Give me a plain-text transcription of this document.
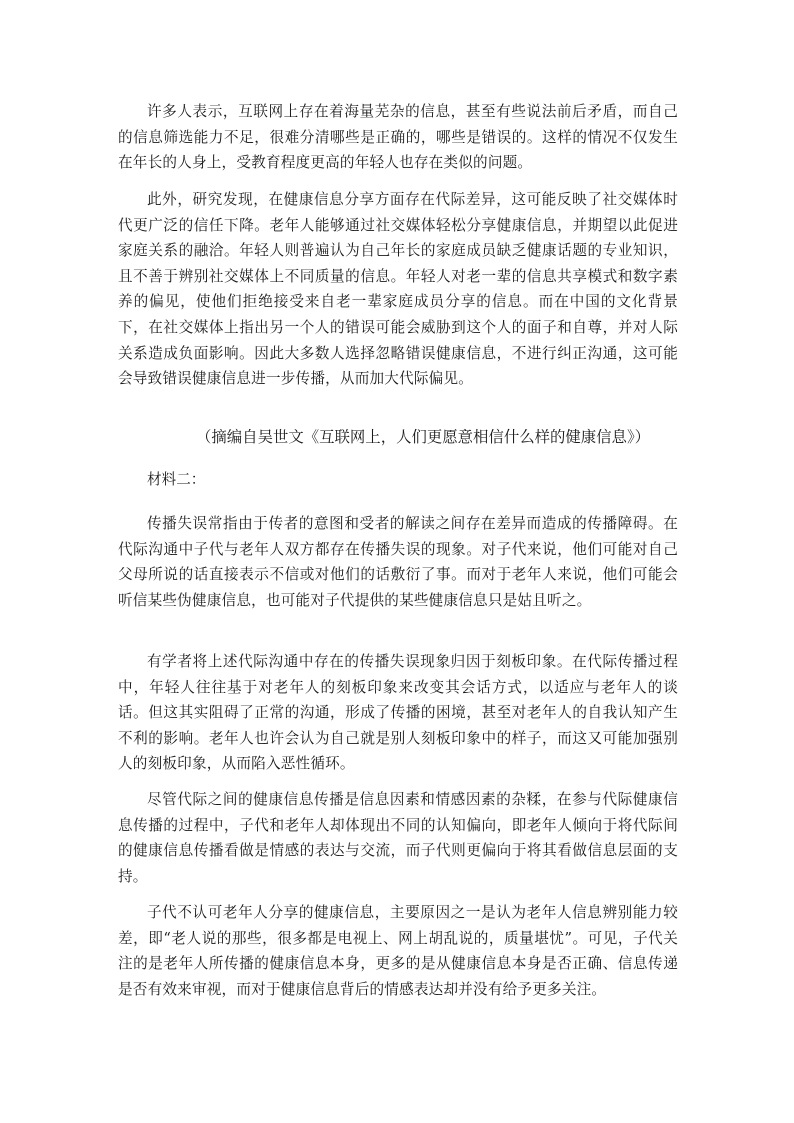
许多人表示，互联网上存在着海量芜杂的信息，甚至有些说法前后矛盾，而自己的信息筛选能力不足，很难分清哪些是正确的，哪些是错误的。这样的情况不仅发生在年长的人身上，受教育程度更高的年轻人也存在类似的问题。

此外，研究发现，在健康信息分享方面存在代际差异，这可能反映了社交媒体时代更广泛的信任下降。老年人能够通过社交媒体轻松分享健康信息，并期望以此促进家庭关系的融洽。年轻人则普遍认为自己年长的家庭成员缺乏健康话题的专业知识，且不善于辨别社交媒体上不同质量的信息。年轻人对老一辈的信息共享模式和数字素养的偏见，使他们拒绝接受来自老一辈家庭成员分享的信息。而在中国的文化背景下，在社交媒体上指出另一个人的错误可能会威胁到这个人的面子和自尊，并对人际关系造成负面影响。因此大多数人选择忽略错误健康信息，不进行纠正沟通，这可能会导致错误健康信息进一步传播，从而加大代际偏见。

（摘编自吴世文《互联网上，人们更愿意相信什么样的健康信息》）

材料二：

传播失误常指由于传者的意图和受者的解读之间存在差异而造成的传播障碍。在代际沟通中子代与老年人双方都存在传播失误的现象。对子代来说，他们可能对自己父母所说的话直接表示不信或对他们的话敷衍了事。而对于老年人来说，他们可能会听信某些伪健康信息，也可能对子代提供的某些健康信息只是姑且听之。

有学者将上述代际沟通中存在的传播失误现象归因于刻板印象。在代际传播过程中，年轻人往往基于对老年人的刻板印象来改变其会话方式，以适应与老年人的谈话。但这其实阻碍了正常的沟通，形成了传播的困境，甚至对老年人的自我认知产生不利的影响。老年人也许会认为自己就是别人刻板印象中的样子，而这又可能加强别人的刻板印象，从而陷入恶性循环。

尽管代际之间的健康信息传播是信息因素和情感因素的杂糅，在参与代际健康信息传播的过程中，子代和老年人却体现出不同的认知偏向，即老年人倾向于将代际间的健康信息传播看做是情感的表达与交流，而子代则更偏向于将其看做信息层面的支持。

子代不认可老年人分享的健康信息，主要原因之一是认为老年人信息辨别能力较差，即“老人说的那些，很多都是电视上、网上胡乱说的，质量堪忧”。可见，子代关注的是老年人所传播的健康信息本身，更多的是从健康信息本身是否正确、信息传递是否有效来审视，而对于健康信息背后的情感表达却并没有给予更多关注。
